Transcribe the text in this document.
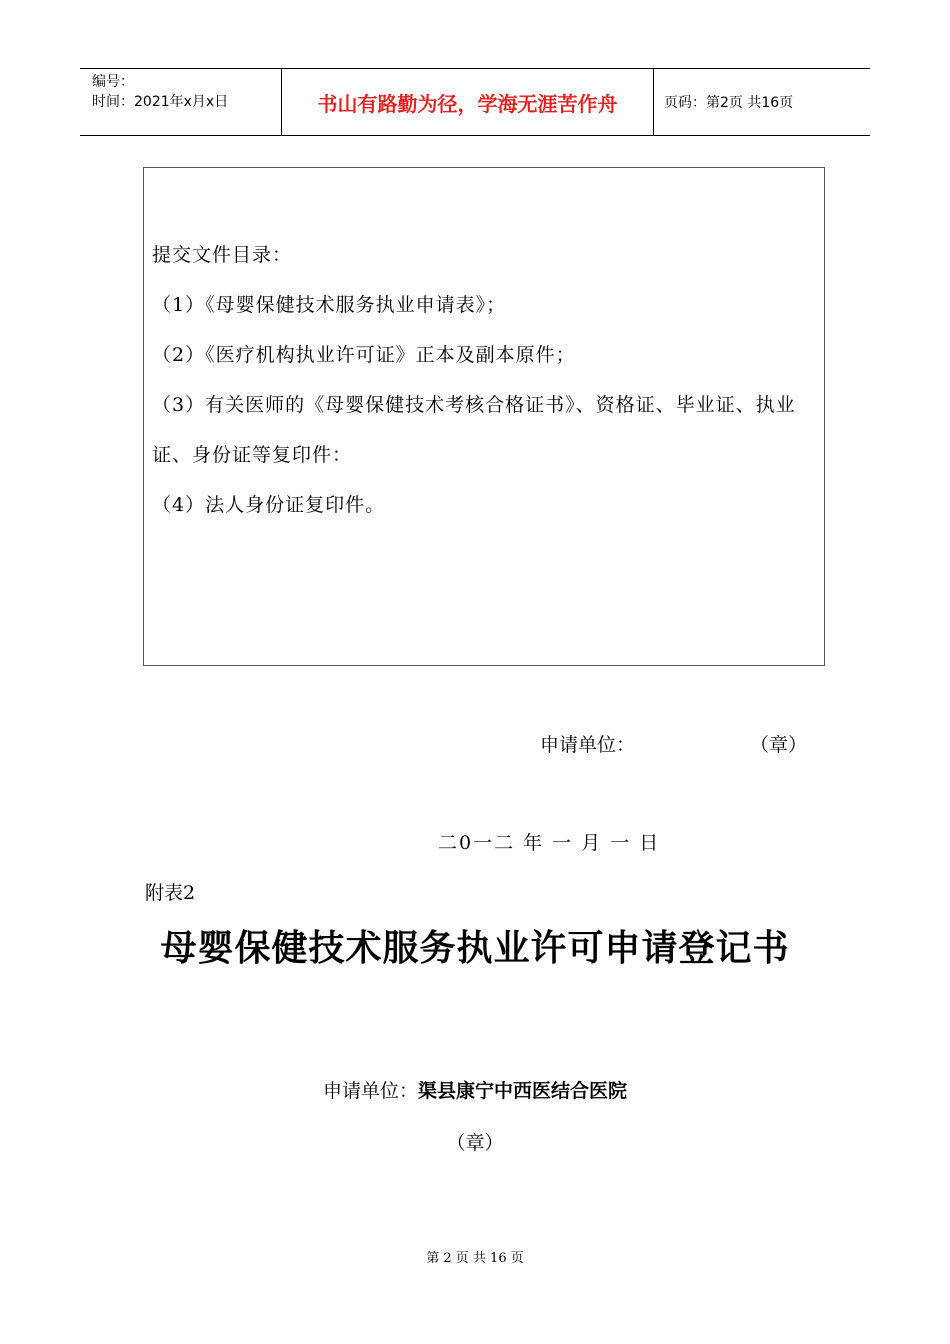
编号：
时间：2021年x月x日	书山有路勤为径，学海无涯苦作舟	页码：第2页 共16页

提交文件目录：

（1）《母婴保健技术服务执业申请表》；

（2）《医疗机构执业许可证》正本及副本原件；

（3）有关医师的《母婴保健技术考核合格证书》、资格证、毕业证、执业证、身份证等复印件：

（4）法人身份证复印件。

申请单位：	（章）
二0一二 年 一 月 一 日
附表2
母婴保健技术服务执业许可申请登记书
申请单位：渠县康宁中西医结合医院
（章）
第 2 页 共 16 页
